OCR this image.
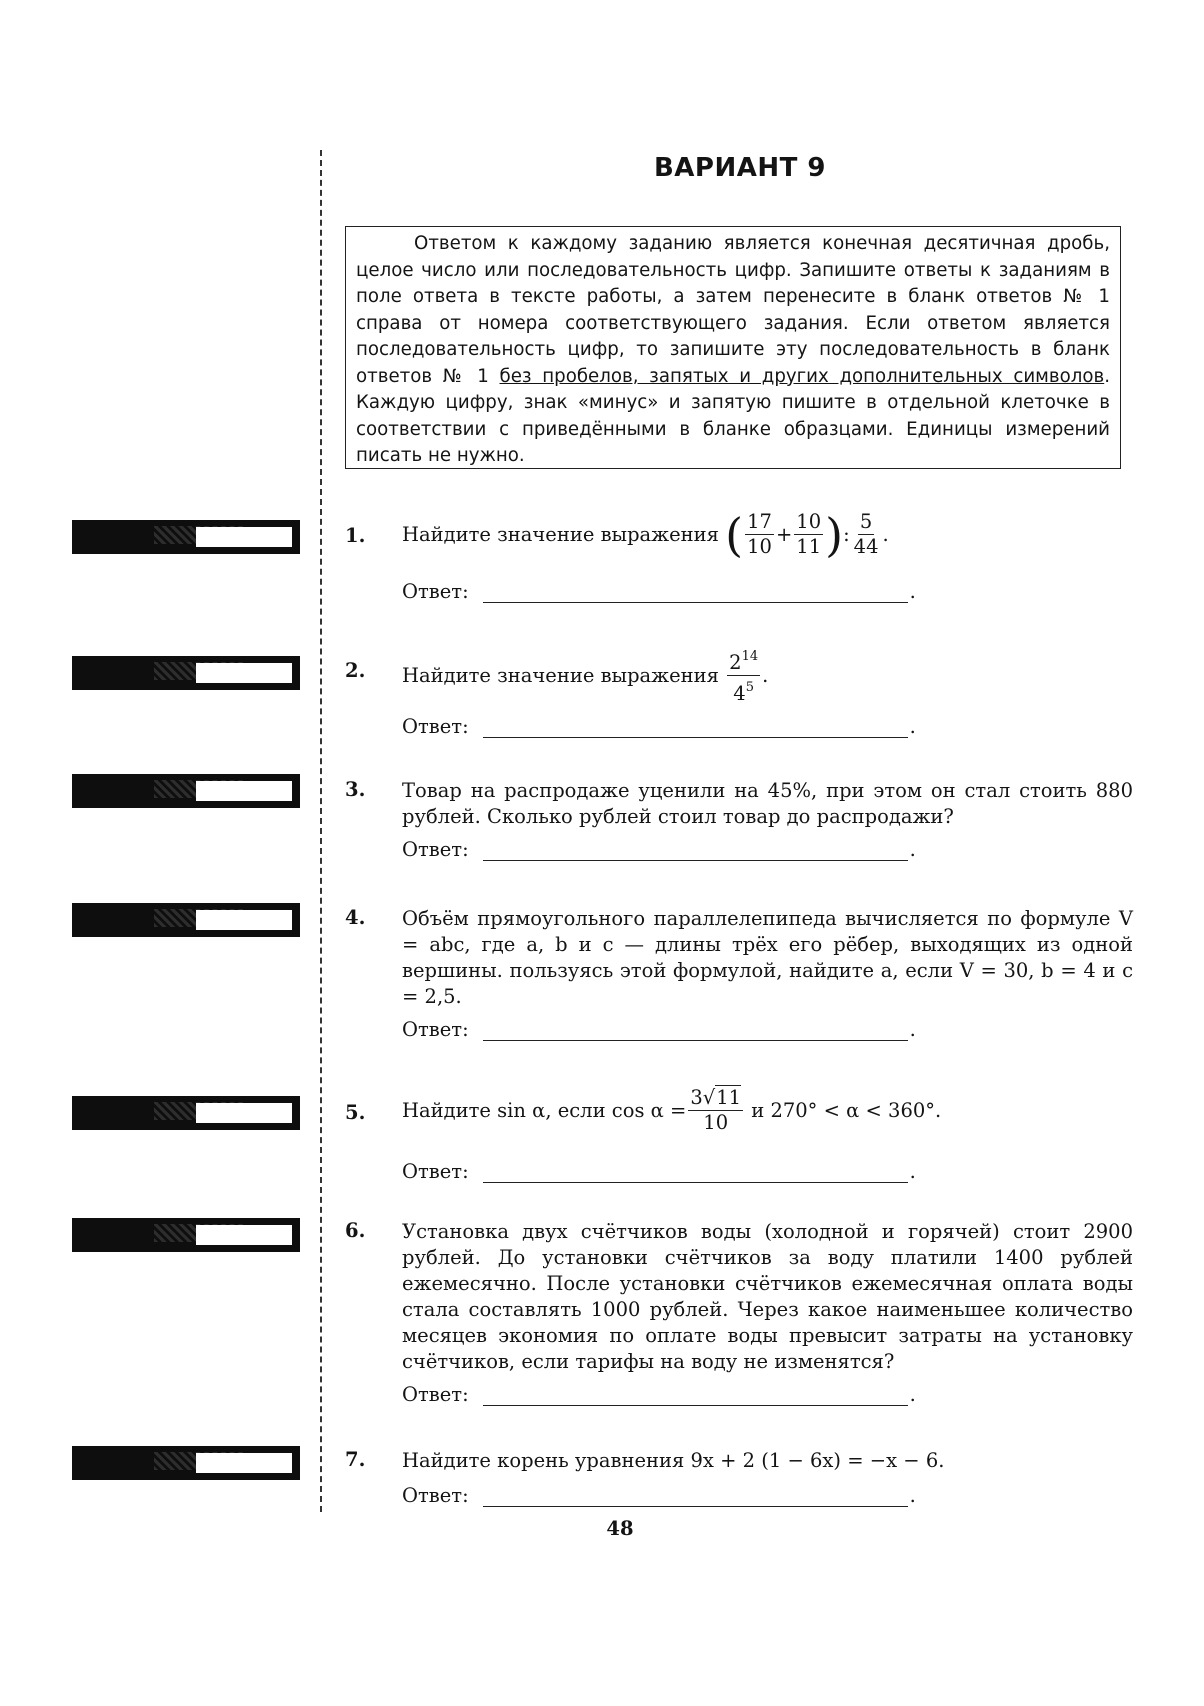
ВАРИАНТ 9
Ответом к каждому заданию является конечная десятичная дробь, целое число или последовательность цифр. Запишите ответы к заданиям в поле ответа в тексте работы, а затем перенесите в бланк ответов № 1 справа от номера соответствующего задания. Если ответом является последовательность цифр, то запишите эту последовательность в бланк ответов № 1 без пробелов, запятых и других дополнительных символов. Каждую цифру, знак «минус» и запятую пишите в отдельной клеточке в соответствии с приведёнными в бланке образцами. Единицы измерений писать не нужно.
1. Найдите значение выражения
( $\frac{17}{10} + \frac{10}{11}$ ) : $\frac{5}{44}$ .
Ответ:	.
2. Найдите значение выражения
$\frac{2^{14}}{4^5}$ .
Ответ:	.
3. Товар на распродаже уценили на 45%, при этом он стал стоить 880 рублей. Сколько рублей стоил товар до распродажи?
Ответ:	.
4. Объём прямоугольного параллелепипеда вычисляется по формуле V = abc, где a, b и c — длины трёх его рёбер, выходящих из одной вершины. пользуясь этой формулой, найдите a, если V = 30, b = 4 и c = 2,5.
Ответ:	.
5. Найдите sin α, если
$\cos \alpha = \frac{3√11}{10}$
и 270° < α < 360°.
Ответ:	.
6. Установка двух счётчиков воды (холодной и горячей) стоит 2900 рублей. До установки счётчиков за воду платили 1400 рублей ежемесячно. После установки счётчиков ежемесячная оплата воды стала составлять 1000 рублей. Через какое наименьшее количество месяцев экономия по оплате воды превысит затраты на установку счётчиков, если тарифы на воду не изменятся?
Ответ:	.
7. Найдите корень уравнения 9x + 2 (1 − 6x) = −x − 6.
Ответ:	.
48
